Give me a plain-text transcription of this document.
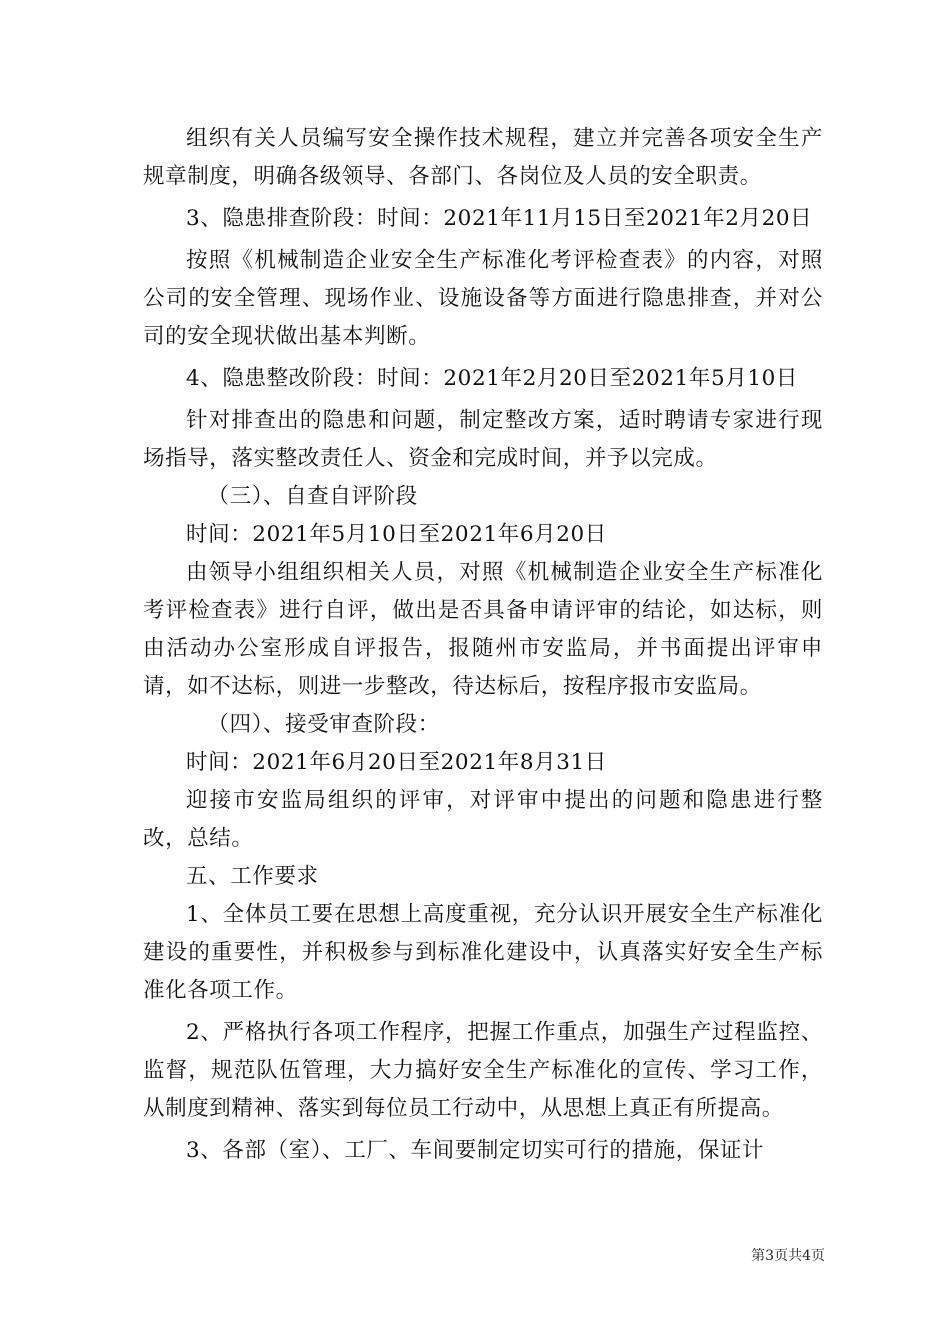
组织有关人员编写安全操作技术规程，建立并完善各项安全生产规章制度，明确各级领导、各部门、各岗位及人员的安全职责。

3、隐患排查阶段：时间：2021年11月15日至2021年2月20日

按照《机械制造企业安全生产标准化考评检查表》的内容，对照公司的安全管理、现场作业、设施设备等方面进行隐患排查，并对公司的安全现状做出基本判断。

4、隐患整改阶段：时间：2021年2月20日至2021年5月10日

针对排查出的隐患和问题，制定整改方案，适时聘请专家进行现场指导，落实整改责任人、资金和完成时间，并予以完成。

（三）、自查自评阶段

时间：2021年5月10日至2021年6月20日

由领导小组组织相关人员，对照《机械制造企业安全生产标准化考评检查表》进行自评，做出是否具备申请评审的结论，如达标，则由活动办公室形成自评报告，报随州市安监局，并书面提出评审申请，如不达标，则进一步整改，待达标后，按程序报市安监局。

（四）、接受审查阶段：

时间：2021年6月20日至2021年8月31日

迎接市安监局组织的评审，对评审中提出的问题和隐患进行整改，总结。

五、工作要求

1、全体员工要在思想上高度重视，充分认识开展安全生产标准化建设的重要性，并积极参与到标准化建设中，认真落实好安全生产标准化各项工作。

2、严格执行各项工作程序，把握工作重点，加强生产过程监控、监督，规范队伍管理，大力搞好安全生产标准化的宣传、学习工作，从制度到精神、落实到每位员工行动中，从思想上真正有所提高。

3、各部（室）、工厂、车间要制定切实可行的措施，保证计

第3页共4页
